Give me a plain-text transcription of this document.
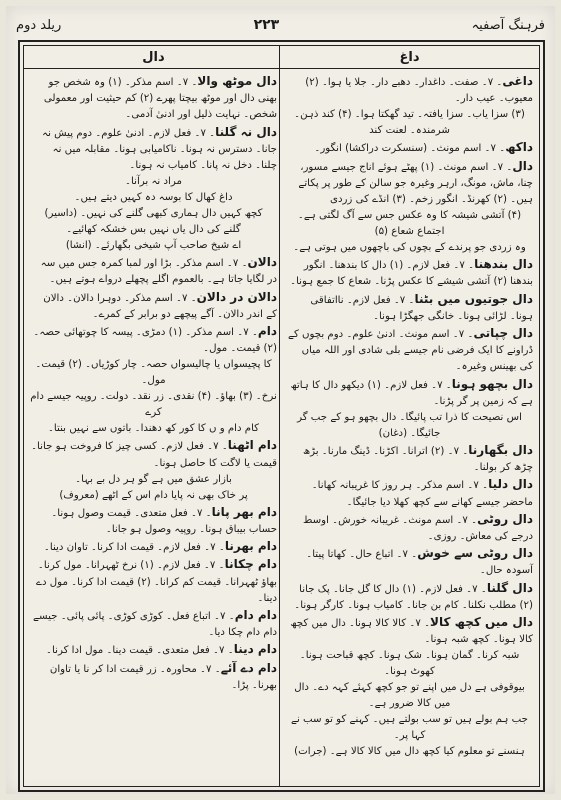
فرہنگ آصفیہ
۲۲۳
ریلد دوم
داغ

داغی۔ ۷۔ صفت۔ داغدار۔ دھبے دار۔ جلا یا ہوا۔ (۲) معیوب۔ عیب دار۔

(۳) سزا یاب۔ سزا یافتہ۔ تید گھکتا ہوا۔ (۴) کند ذہن۔ شرمندہ۔ لعنت کند

داکھ۔ ۷۔ اسم مونث۔ (سنسکرت دراکشا) انگور۔

دال۔ ۷۔ اسم مونث۔ (۱) پھٹے ہوئے اناج جیسے مسور، چنا، ماش، مونگ، ارہر وغیرہ جو سالن کے طور پر پکاتے ہیں۔ (۲) کھرنڈ۔ انگور زخم۔ (۳) انڈے کی زردی

(۴) آتشی شیشہ کا وہ عکس جس سے آگ لگتی ہے۔ اجتماع شعاع (۵)

وہ زردی جو پرندے کے بچوں کی باچھوں میں ہوتی ہے۔

دال بندھنا۔ ۷۔ فعل لازم۔ (۱) دال کا بندھنا۔ انگور بندھنا (۲) آتشی شیشے کا عکس پڑنا۔ شعاع کا جمع ہونا۔

دال جوتیوں میں بٹنا۔ ۷۔ فعل لازم۔ نااتفاقی ہونا۔ لڑائی ہونا۔ خانگی جھگڑا ہونا۔

دال چپاتی۔ ۷۔ اسم مونث۔ ادنیٰ علوم۔ دوم بچوں کے ڈراونے کا ایک فرضی نام جیسے بلی شادی اور اللہ میاں کی بھینس وغیرہ۔

دال بچھو ہونا۔ ۷۔ فعل لازم۔ (۱) دیکھو دال کا ہاتھ ہے کہ زمین پر گر پڑنا۔

اس نصیحت کا ذرا تب پائیگا۔ دال بچھو ہو کے جب گر جائیگا۔ (دغان)

دال بگھارنا۔ ۷۔ (۲) اترانا۔ اکڑنا۔ ڈینگ مارنا۔ بڑھ چڑھ کر بولنا۔

دال دلیا۔ ۷۔ اسم مذکر۔ ہر روز کا غریبانہ کھانا۔ ماحضر جیسے کھانے سے کچھ کھلا دیا جائیگا۔

دال روٹی۔ ۷۔ اسم مونث۔ غریبانہ خورش۔ اوسط درجے کی معاش۔ روزی۔

دال روٹی سے خوش۔ ۷۔ اتباع حال۔ کھاتا پیتا۔ آسودہ حال۔

دال گلنا۔ ۷۔ فعل لازم۔ (۱) دال کا گل جانا۔ پک جانا (۲) مطلب نکلنا۔ کام بن جانا۔ کامیاب ہونا۔ کارگر ہونا۔

دال میں کچھ کالا۔ ۷۔ کالا کالا ہونا۔ دال میں کچھ کالا ہونا۔ کچھ شبہ ہونا۔

شبہ کرنا۔ گمان ہونا۔ شک ہونا۔ کچھ قباحت ہونا۔ کھوٹ ہونا۔

بیوقوفی ہے دل میں اپنے تو جو کچھ کہئے کہہ دے۔ دال میں کالا ضرور ہے۔

جب ہم بولے ہیں تو سب بولتے ہیں۔ کہنے کو تو سب نے کہا پر۔

ہنسنے تو معلوم کیا کچھ دال میں کالا کالا ہے۔ (جرات)

دال

دال موٹھ والا۔ ۷۔ اسم مذکر۔ (۱) وہ شخص جو بھنی دال اور موٹھ بیچتا پھرے (۲) کم حیثیت اور معمولی شخص۔ نہایت ذلیل اور ادنیٰ آدمی۔

دال نہ گلنا۔ ۷۔ فعل لازم۔ ادنیٰ علوم۔ دوم پیش نہ جانا۔ دسترس نہ ہونا۔ ناکامیابی ہونا۔ مقابلہ میں نہ چلنا۔ دخل نہ پانا۔ کامیاب نہ ہونا۔

مراد نہ برآنا۔

داغ کھال کا بوسہ دہ کہیں دیتے ہیں۔

کچھ کہیں دال ہماری کبھی گلنے کی نہیں۔ (داسیر)

گلنے کی دال یاں نہیں بس خشکہ کھائیے۔

اے شیخ صاحب آپ شیخی بگھارئے۔ (انشا)

دالان۔ ۷۔ اسم مذکر۔ بڑا اور لمبا کمرہ جس میں سہ در لگایا جاتا ہے۔ بالعموم اگلے پچھلے درواے ہوتے ہیں۔

دالان در دالان۔ ۷۔ اسم مذکر۔ دوہرا دالان۔ دالان کے اندر دالان۔ آگے پیچھے دو برابر کے کمرے۔

دام۔ ۷۔ اسم مذکر۔ (۱) دمڑی۔ پیسہ کا چوتھائی حصہ۔ (۲) قیمت۔ مول۔

کا پچیسواں یا چالیسواں حصہ۔ چار کوڑیاں۔ (۲) قیمت۔ مول۔

نرخ۔ (۳) بھاؤ۔ (۴) نقدی۔ زر نقد۔ دولت۔ روپیہ جیسے دام کرے

کام دام و ں کا کور کھ دھندا۔ باتوں سے نہیں بنتا۔

دام اٹھنا۔ ۷۔ فعل لازم۔ کسی چیز کا فروخت ہو جانا۔ قیمت یا لاگت کا حاصل ہونا۔

بازار عشق میں ہے گو ہر دل بے بہا۔

پر خاک بھی نہ پایا دام اس کے اٹھے (معروف)

دام بھر پانا۔ ۷۔ فعل متعدی۔ قیمت وصول ہونا۔ حساب بیباق ہونا۔ روپیہ وصول ہو جانا۔

دام بھرنا۔ ۷۔ فعل لازم۔ قیمت ادا کرنا۔ تاوان دینا۔

دام چکانا۔ ۷۔ فعل لازم۔ (۱) نرخ ٹھہرانا۔ مول کرنا۔ بھاؤ ٹھہرانا۔ قیمت کم کرانا۔ (۲) قیمت ادا کرنا۔ مول دے دینا۔

دام دام۔ ۷۔ اتباع فعل۔ کوڑی کوڑی۔ پائی پائی۔ جیسے دام دام چکا دیا۔

دام دینا۔ ۷۔ فعل متعدی۔ قیمت دینا۔ مول ادا کرنا۔

دام دے آئے۔ ۷۔ محاورہ۔ زر قیمت ادا کر نا یا تاوان بھرنا۔ پڑا۔
